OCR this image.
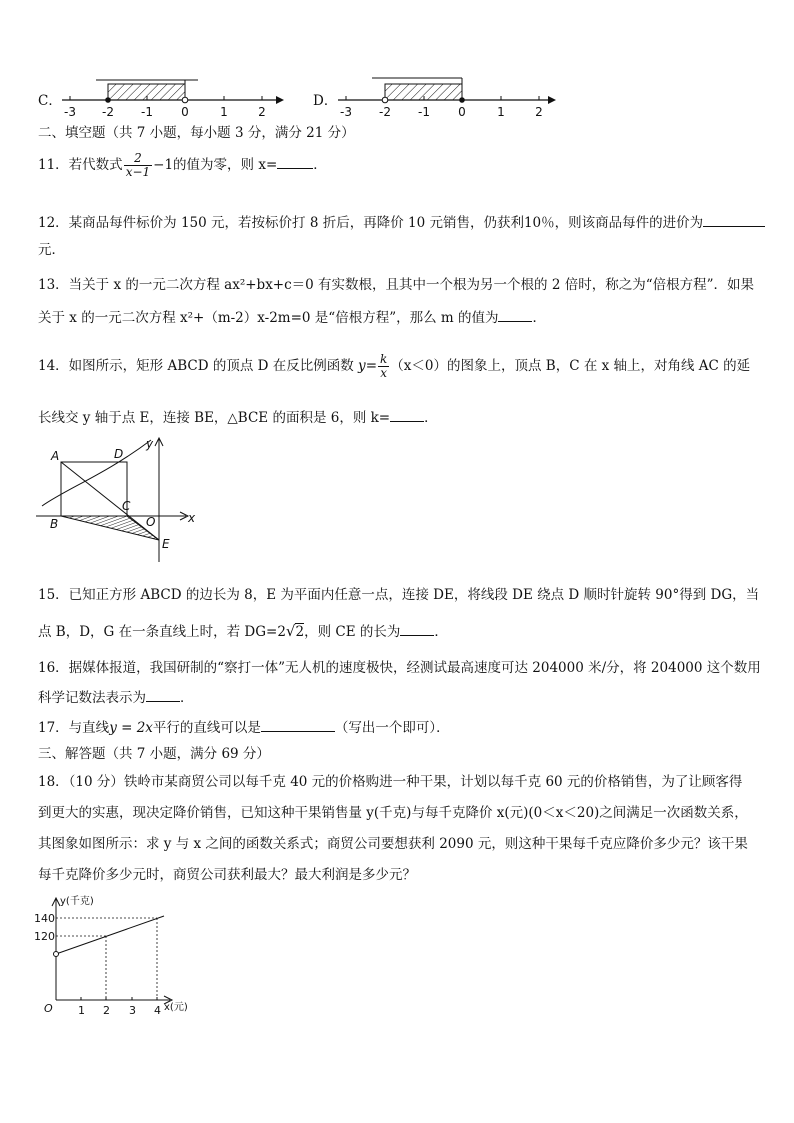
C．
-3 -2 -1 0	1	2
D．
-3 -2 -1 0	1	2
二、填空题（共 7 小题，每小题 3 分，满分 21 分）
11．若代数式 $\frac{2}{x-1} -1$的值为零，则 x=	．
12．某商品每件标价为 150 元，若按标价打 8 折后，再降价 10 元销售，仍获利10％，则该商品每件的进价为
元．
13．当关于 x 的一元二次方程 ax²+bx+c＝0 有实数根，且其中一个根为另一个根的 2 倍时，称之为“倍根方程”．如果
关于 x 的一元二次方程 x²+（m-2）x-2m=0 是“倍根方程”，那么 m 的值为	．
14．如图所示，矩形 ABCD 的顶点 D 在反比例函数 $y= \frac{k}{x} (x<0)$的图象上，顶点 B，C 在 x 轴上，对角线 AC 的延
长线交 y 轴于点 E，连接 BE，△BCE 的面积是 6，则 k=	．
A	D
C
B	O
E
x
y
15．已知正方形 ABCD 的边长为 8，E 为平面内任意一点，连接 DE，将线段 DE 绕点 D 顺时针旋转 90°得到 DG，当
点 B，D，G 在一条直线上时，若 DG=2√2，则 CE 的长为	．
16．据媒体报道，我国研制的“察打一体”无人机的速度极快，经测试最高速度可达 204000 米/分，将 204000 这个数用
科学记数法表示为	．
17．与直线y = 2x平行的直线可以是	（写出一个即可）．
三、解答题（共 7 小题，满分 69 分）
18．（10 分）铁岭市某商贸公司以每千克 40 元的价格购进一种干果，计划以每千克 60 元的价格销售，为了让顾客得
到更大的实惠，现决定降价销售，已知这种干果销售量 y(千克)与每千克降价 x(元)(0＜x＜20)之间满足一次函数关系，
其图象如图所示：求 y 与 x 之间的函数关系式；商贸公司要想获利 2090 元，则这种干果每千克应降价多少元？该干果
每千克降价多少元时，商贸公司获利最大？最大利润是多少元？
140
120
1 2 3 4
O
y(千克)
x(元)
